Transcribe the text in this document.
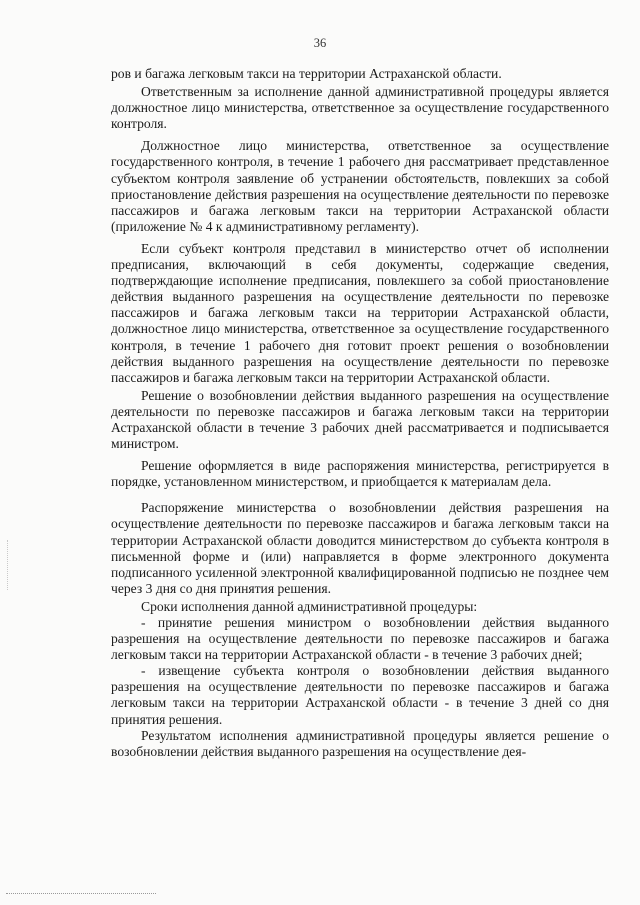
36

ров и багажа легковым такси на территории Астраханской области.

Ответственным за исполнение данной административной процедуры является должностное лицо министерства, ответственное за осуществление государственного контроля.

Должностное лицо министерства, ответственное за осуществление государственного контроля, в течение 1 рабочего дня рассматривает представленное субъектом контроля заявление об устранении обстоятельств, повлекших за собой приостановление действия разрешения на осуществление деятельности по перевозке пассажиров и багажа легковым такси на территории Астраханской области (приложение № 4 к административному регламенту).

Если субъект контроля представил в министерство отчет об исполнении предписания, включающий в себя документы, содержащие сведения, подтверждающие исполнение предписания, повлекшего за собой приостановление действия выданного разрешения на осуществление деятельности по перевозке пассажиров и багажа легковым такси на территории Астраханской области, должностное лицо министерства, ответственное за осуществление государственного контроля, в течение 1 рабочего дня готовит проект решения о возобновлении действия выданного разрешения на осуществление деятельности по перевозке пассажиров и багажа легковым такси на территории Астраханской области.

Решение о возобновлении действия выданного разрешения на осуществление деятельности по перевозке пассажиров и багажа легковым такси на территории Астраханской области в течение 3 рабочих дней рассматривается и подписывается министром.

Решение оформляется в виде распоряжения министерства, регистрируется в порядке, установленном министерством, и приобщается к материалам дела.

Распоряжение министерства о возобновлении действия разрешения на осуществление деятельности по перевозке пассажиров и багажа легковым такси на территории Астраханской области доводится министерством до субъекта контроля в письменной форме и (или) направляется в форме электронного документа подписанного усиленной электронной квалифицированной подписью не позднее чем через 3 дня со дня принятия решения.

Сроки исполнения данной административной процедуры:

- принятие решения министром о возобновлении действия выданного разрешения на осуществление деятельности по перевозке пассажиров и багажа легковым такси на территории Астраханской области - в течение 3 рабочих дней;

- извещение субъекта контроля о возобновлении действия выданного разрешения на осуществление деятельности по перевозке пассажиров и багажа легковым такси на территории Астраханской области - в течение 3 дней со дня принятия решения.

Результатом исполнения административной процедуры является решение о возобновлении действия выданного разрешения на осуществление дея-
